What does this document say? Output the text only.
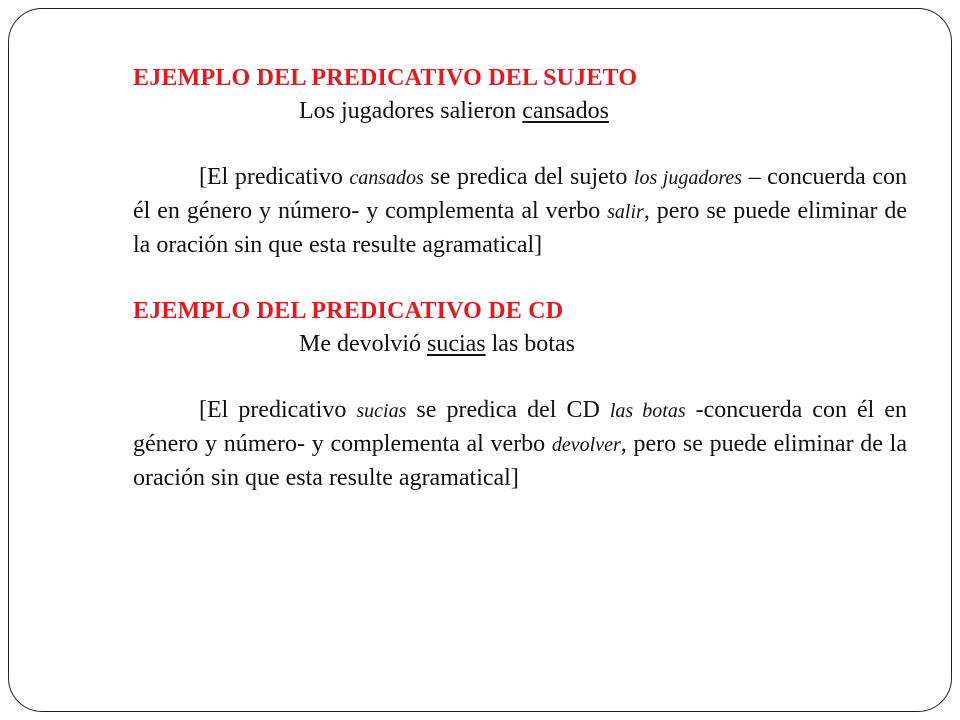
EJEMPLO DEL PREDICATIVO DEL SUJETO

Los jugadores salieron cansados

[El predicativo cansados se predica del sujeto los jugadores – concuerda con él en género y número- y complementa al verbo salir, pero se puede eliminar de la oración sin que esta resulte agramatical]

EJEMPLO DEL PREDICATIVO DE CD

Me devolvió sucias las botas

[El predicativo sucias se predica del CD las botas -concuerda con él en género y número- y complementa al verbo devolver, pero se puede eliminar de la oración sin que esta resulte agramatical]
